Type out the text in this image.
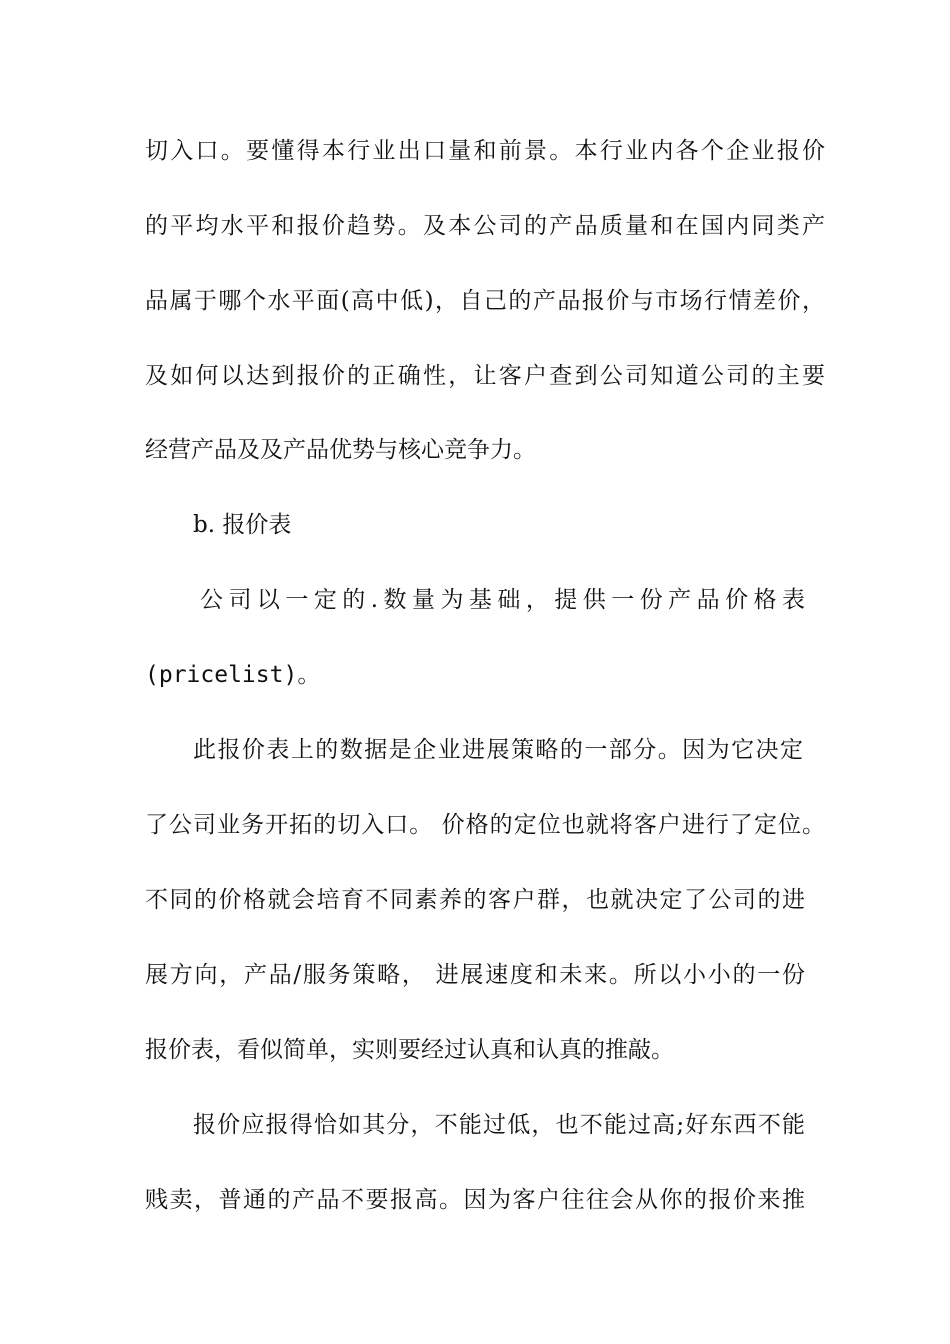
切入口。要懂得本行业出口量和前景。本行业内各个企业报价
的平均水平和报价趋势。及本公司的产品质量和在国内同类产
品属于哪个水平面(高中低)，自己的产品报价与市场行情差价，
及如何以达到报价的正确性，让客户查到公司知道公司的主要
经营产品及及产品优势与核心竞争力。
b. 报价表
公司以一定的.数量为基础，提供一份产品价格表
(pricelist)。
此报价表上的数据是企业进展策略的一部分。因为它决定
了公司业务开拓的切入口。 价格的定位也就将客户进行了定位。
不同的价格就会培育不同素养的客户群，也就决定了公司的进
展方向，产品/服务策略， 进展速度和未来。所以小小的一份
报价表，看似简单，实则要经过认真和认真的推敲。
报价应报得恰如其分，不能过低，也不能过高;好东西不能
贱卖，普通的产品不要报高。因为客户往往会从你的报价来推
